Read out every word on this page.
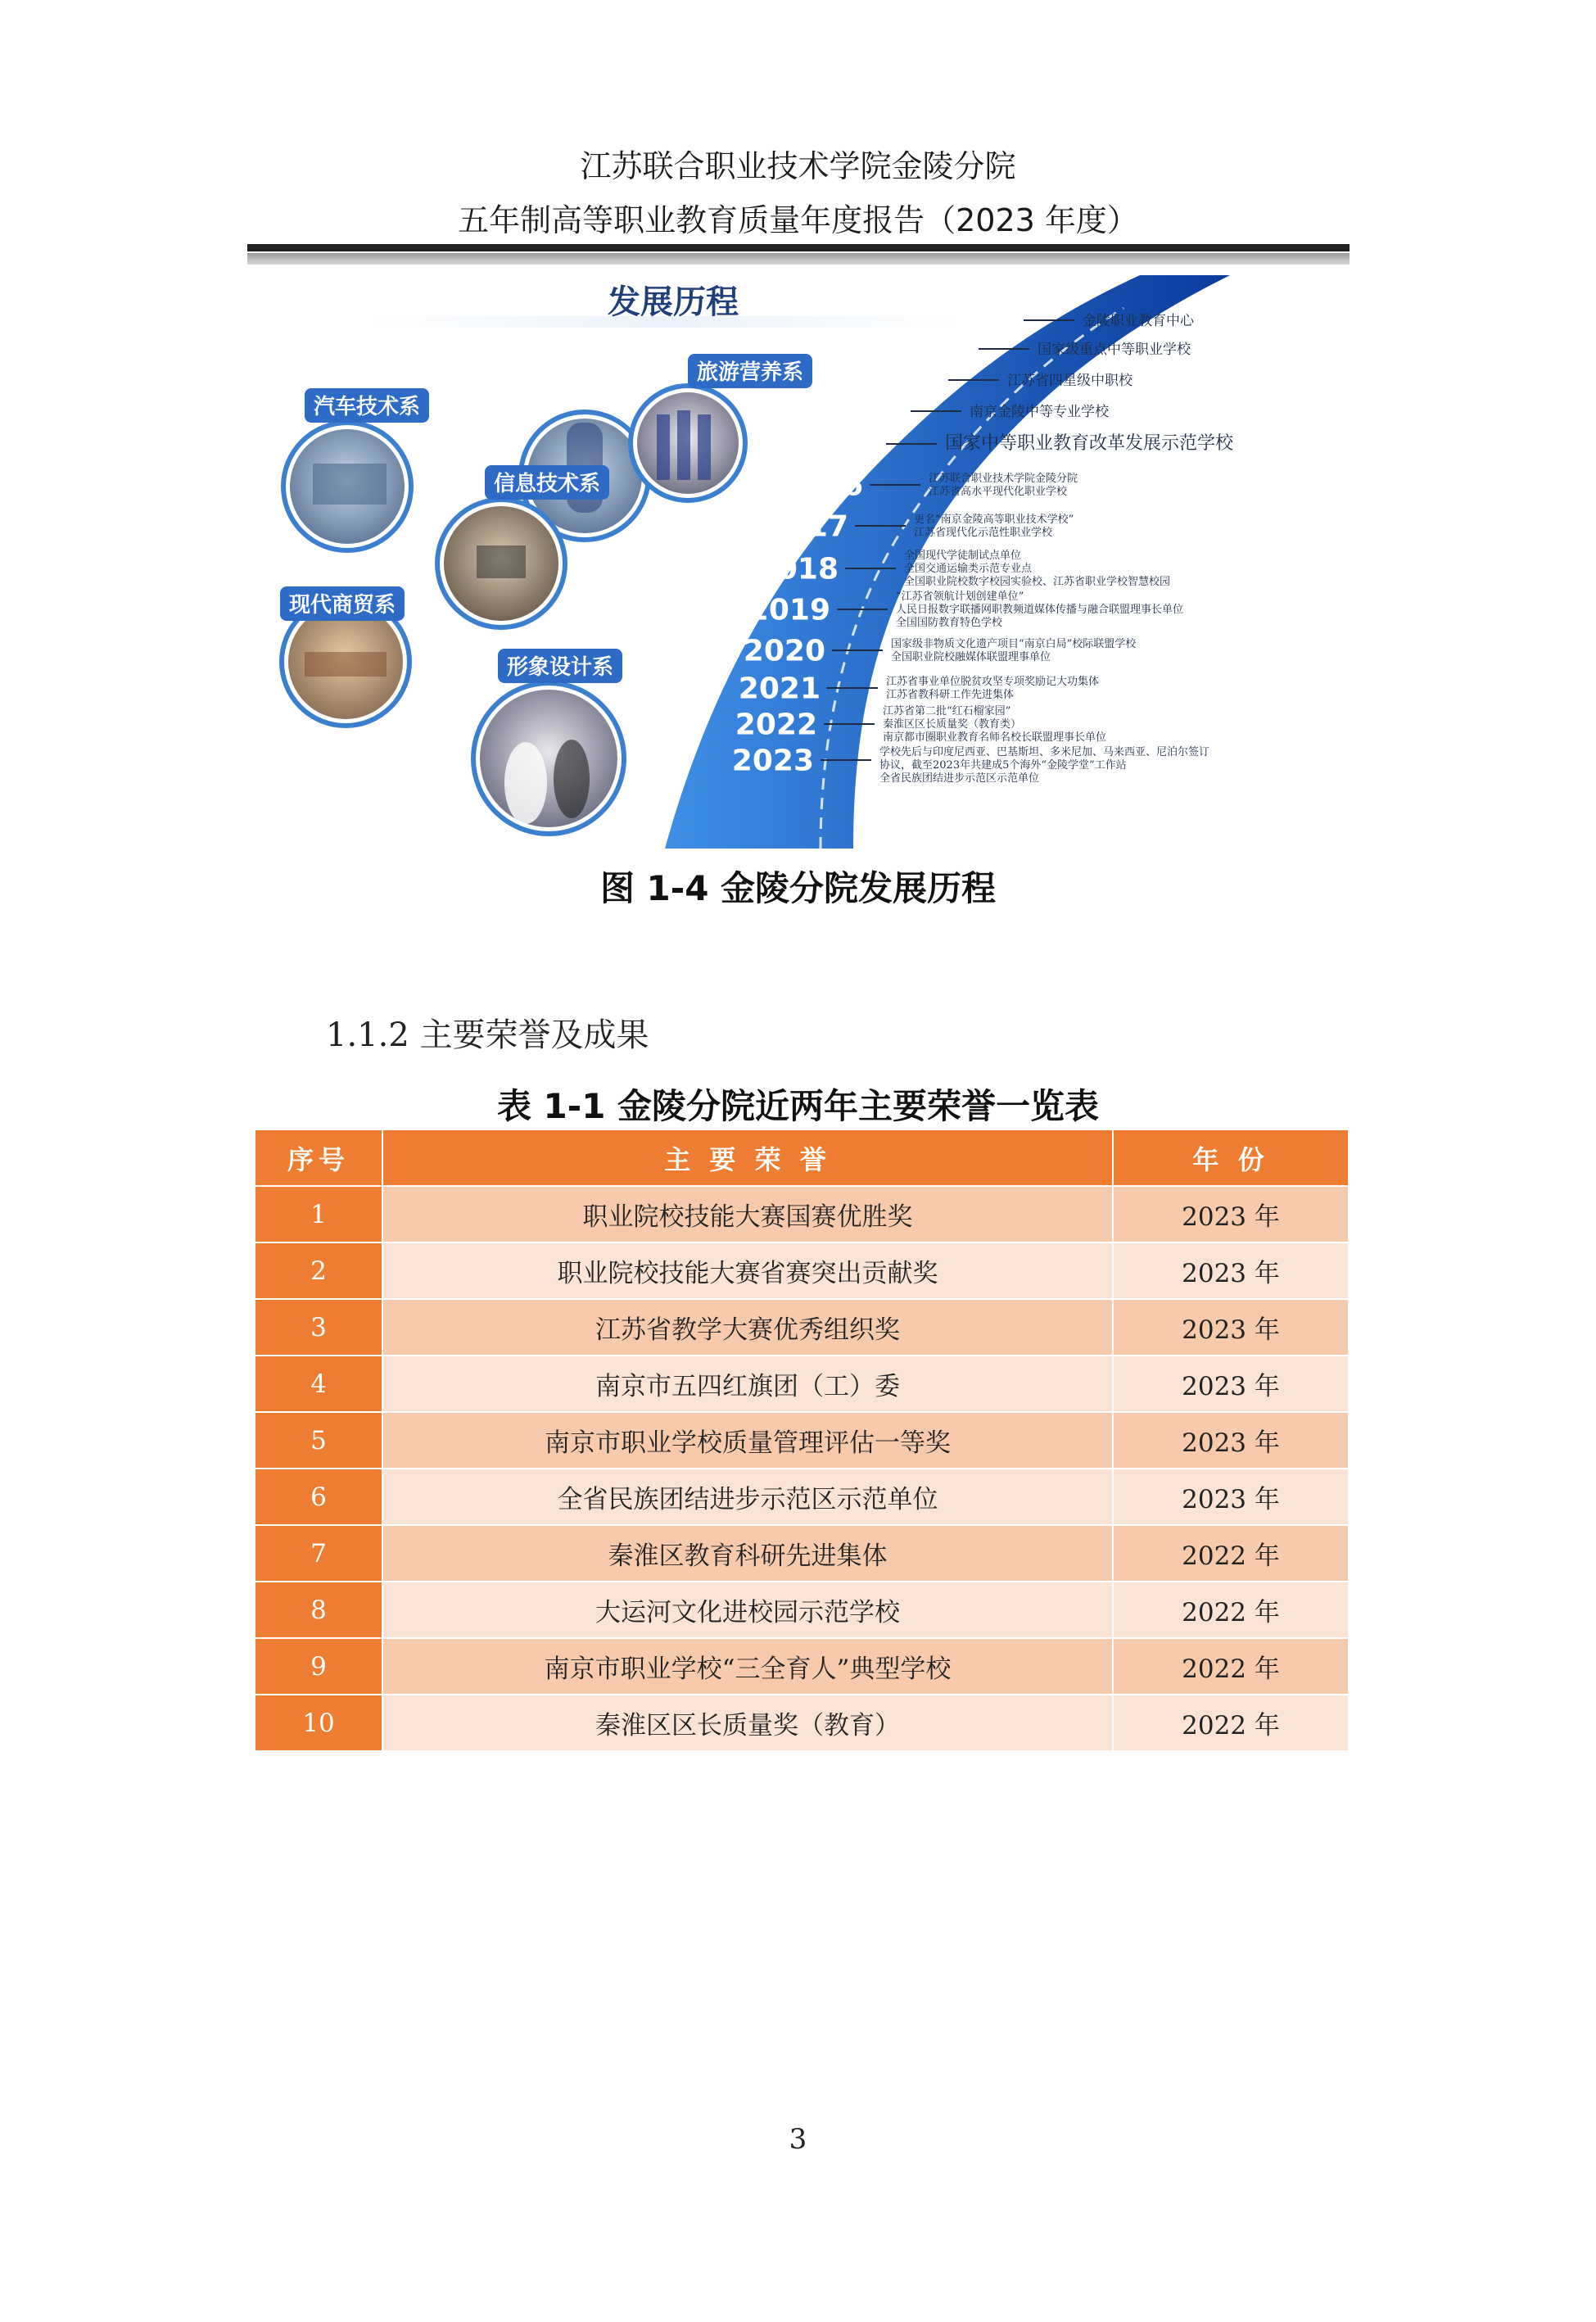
江苏联合职业技术学院金陵分院
五年制高等职业教育质量年度报告（2023 年度）
发展历程	1999
2000
2008
2010
2015
2016
2017
2018
2019
2020
2021
2022
2023
金陵职业教育中心
国家级重点中等职业学校
江苏省四星级中职校
南京金陵中等专业学校
国家中等职业教育改革发展示范学校
江苏联合职业技术学院金陵分院
江苏省高水平现代化职业学校
更名“南京金陵高等职业技术学校”
江苏省现代化示范性职业学校
全国现代学徒制试点单位
全国交通运输类示范专业点
全国职业院校数字校园实验校、江苏省职业学校智慧校园
“江苏省领航计划创建单位”
人民日报数字联播网职教频道媒体传播与融合联盟理事长单位
全国国防教育特色学校
国家级非物质文化遗产项目“南京白局”校际联盟学校
全国职业院校融媒体联盟理事单位
江苏省事业单位脱贫攻坚专项奖励记大功集体
江苏省教科研工作先进集体
江苏省第二批“红石榴家园”
秦淮区区长质量奖（教育类）
南京都市圈职业教育名师名校长联盟理事长单位
学校先后与印度尼西亚、巴基斯坦、多米尼加、马来西亚、尼泊尔签订
协议，截至2023年共建成5个海外“金陵学堂”工作站
全省民族团结进步示范区示范单位
旅游营养系
汽车技术系
信息技术系
现代商贸系
形象设计系
图 1-4 金陵分院发展历程
1.1.2 主要荣誉及成果
表 1-1 金陵分院近两年主要荣誉一览表
序号	主 要 荣 誉	年 份
1	职业院校技能大赛国赛优胜奖	2023 年
2	职业院校技能大赛省赛突出贡献奖	2023 年
3	江苏省教学大赛优秀组织奖	2023 年
4	南京市五四红旗团（工）委	2023 年
5	南京市职业学校质量管理评估一等奖	2023 年
6	全省民族团结进步示范区示范单位	2023 年
7	秦淮区教育科研先进集体	2022 年
8	大运河文化进校园示范学校	2022 年
9	南京市职业学校“三全育人”典型学校	2022 年
10	秦淮区区长质量奖（教育）	2022 年
3
